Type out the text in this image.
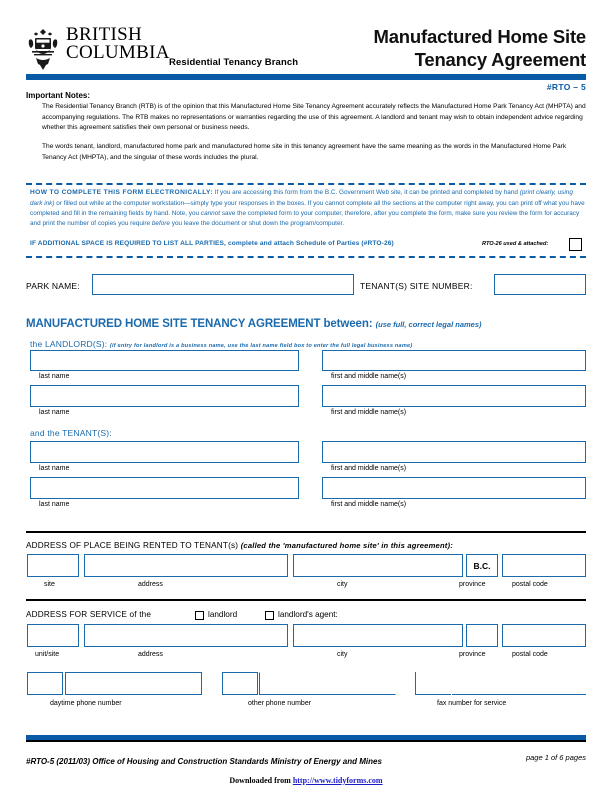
BRITISH
COLUMBIA Residential Tenancy Branch
Manufactured Home Site
Tenancy Agreement
#RTO – 5
Important Notes:

The Residential Tenancy Branch (RTB) is of the opinion that this Manufactured Home Site Tenancy Agreement accurately reflects the Manufactured Home Park Tenancy Act (MHPTA) and accompanying regulations. The RTB makes no representations or warranties regarding the use of this agreement. A landlord and tenant may wish to obtain independent advice regarding whether this agreement satisfies their own personal or business needs.

The words tenant, landlord, manufactured home park and manufactured home site in this tenancy agreement have the same meaning as the words in the Manufactured Home Park Tenancy Act (MHPTA), and the singular of these words includes the plural.

HOW TO COMPLETE THIS FORM ELECTRONICALLY: If you are accessing this form from the B.C. Government Web site, it can be printed and completed by hand (print clearly, using dark ink) or filled out while at the computer workstation—simply type your responses in the boxes. If you cannot complete all the sections at the computer right away, you can print off what you have completed and fill in the remaining fields by hand. Note, you cannot save the completed form to your computer, therefore, after you complete the form, make sure you review the form for accuracy and print the number of copies you require before you leave the document or shut down the program/computer.
IF ADDITIONAL SPACE IS REQUIRED TO LIST ALL PARTIES, complete and attach Schedule of Parties (#RTO-26)	RTO-26 used & attached:
PARK NAME:	TENANT(S) SITE NUMBER:
MANUFACTURED HOME SITE TENANCY AGREEMENT between: (use full, correct legal names)
the LANDLORD(S): (if entry for landlord is a business name, use the last name field box to enter the full legal business name)
last name	first and middle name(s)
last name	first and middle name(s)
and the TENANT(S):
last name	first and middle name(s)
last name	first and middle name(s)
ADDRESS OF PLACE BEING RENTED TO TENANT(s) (called the 'manufactured home site' in this agreement):
B.C.
site	address	city	province	postal code
ADDRESS FOR SERVICE of the	landlord	landlord's agent:
unit/site	address	city	province	postal code
daytime phone number	other phone number	fax number for service
#RTO-5 (2011/03) Office of Housing and Construction Standards Ministry of Energy and Mines	page 1 of 6 pages
Downloaded from http://www.tidyforms.com
